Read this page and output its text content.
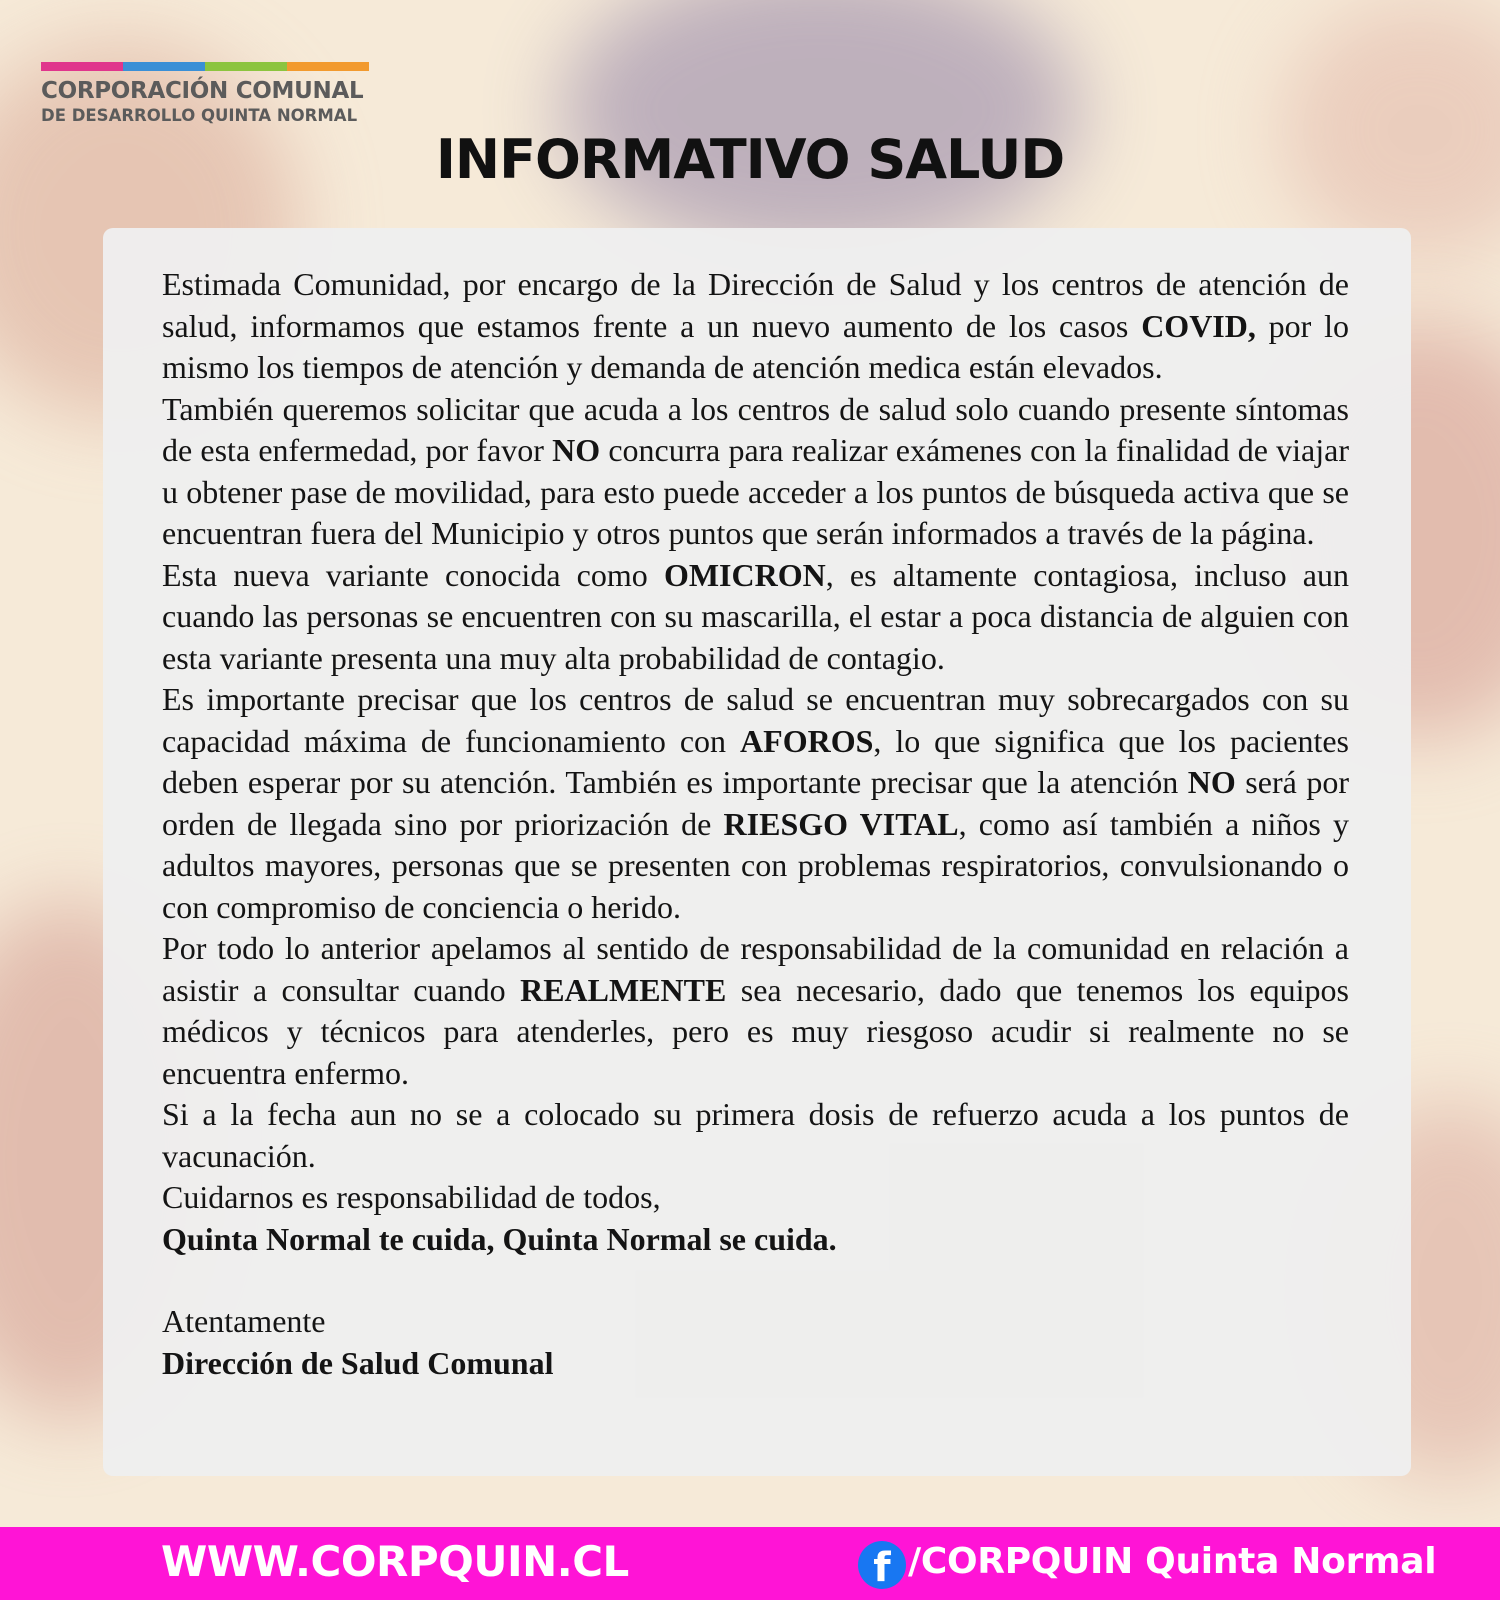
CORPORACIÓN COMUNAL
DE DESARROLLO QUINTA NORMAL
INFORMATIVO SALUD

Estimada Comunidad, por encargo de la Dirección de Salud y los centros de atención de salud, informamos que estamos frente a un nuevo aumento de los casos COVID, por lo mismo los tiempos de atención y demanda de atención medica están elevados.

También queremos solicitar que acuda a los centros de salud solo cuando presente síntomas de esta enfermedad, por favor NO concurra para realizar exámenes con la finalidad de viajar u obtener pase de movilidad, para esto puede acceder a los puntos de búsqueda activa que se encuentran fuera del Municipio y otros puntos que serán informados a través de la página.

Esta nueva variante conocida como OMICRON, es altamente contagiosa, incluso aun cuando las personas se encuentren con su mascarilla, el estar a poca distancia de alguien con esta variante presenta una muy alta probabilidad de contagio.

Es importante precisar que los centros de salud se encuentran muy sobrecargados con su capacidad máxima de funcionamiento con AFOROS, lo que significa que los pacientes deben esperar por su atención. También es importante precisar que la atención NO será por orden de llegada sino por priorización de RIESGO VITAL, como así también a niños y adultos mayores, personas que se presenten con problemas respiratorios, convulsionando o con compromiso de conciencia o herido.

Por todo lo anterior apelamos al sentido de responsabilidad de la comunidad en relación a asistir a consultar cuando REALMENTE sea necesario, dado que tenemos los equipos médicos y técnicos para atenderles, pero es muy riesgoso acudir si realmente no se encuentra enfermo.

Si a la fecha aun no se a colocado su primera dosis de refuerzo acuda a los puntos de vacunación.

Cuidarnos es responsabilidad de todos,

Quinta Normal te cuida, Quinta Normal se cuida.

Atentamente

Dirección de Salud Comunal

WWW.CORPQUIN.CL	f /CORPQUIN Quinta Normal
